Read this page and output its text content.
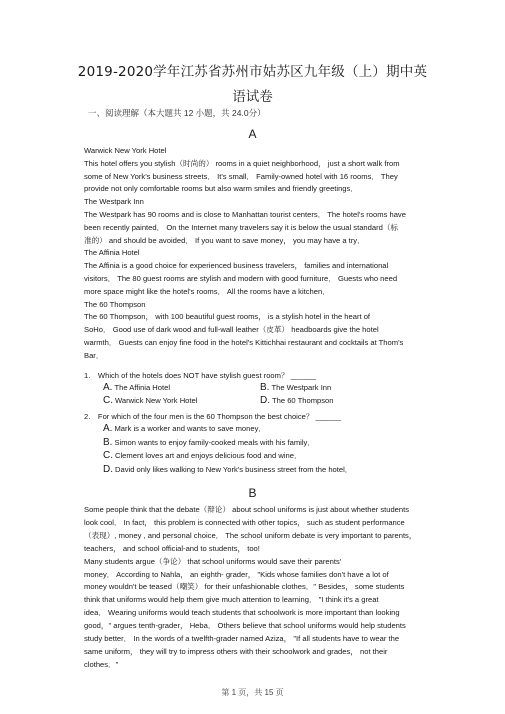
2019-2020学年江苏省苏州市姑苏区九年级（上）期中英
语试卷
一、阅读理解（本大题共 12 小题，共 24.0分）
A
Warwick New York Hotel
This hotel offers you stylish（时尚的） rooms in a quiet neighborhood， just a short walk from
some of New York's business streets． It's small． Family-owned hotel with 16 rooms． They
provide not only comfortable rooms but also warm smiles and friendly greetings．
The Westpark Inn
The Westpark has 90 rooms and is close to Manhattan tourist centers． The hotel's rooms have
been recently painted． On the Internet many travelers say it is below the usual standard（标
准的） and should be avoided． If you want to save money， you may have a try．
The Affinia Hotel
The Affinia is a good choice for experienced business travelers， families and international
visitors． The 80 guest rooms are stylish and modern with good furniture． Guests who need
more space might like the hotel's rooms． All the rooms have a kitchen．
The 60 Thompson
The 60 Thompson， with 100 beautiful guest rooms， is a stylish hotel in the heart of
SoHo． Good use of dark wood and full-wall leather（皮革） headboards give the hotel
warmth． Guests can enjoy fine food in the hotel's Kittichhai restaurant and cocktails at Thom's
Bar．
1.　Which of the hotels does NOT have stylish guest room？ ______
A. The Affinia Hotel	B. The Westpark Inn
C. Warwick New York Hotel	D. The 60 Thompson
2.　For which of the four men is the 60 Thompson the best choice？ ______
A. Mark is a worker and wants to save money．
B. Simon wants to enjoy family-cooked meals with his family．
C. Clement loves art and enjoys delicious food and wine．
D. David only likes walking to New York's business street from the hotel．
B
Some people think that the debate（辩论） about school uniforms is just about whether students
look cool． In fact， this problem is connected with other topics， such as student performance
（表现）, money , and personal choice． The school uniform debate is very important to parents，
teachers， and school official-and to students， too!
Many students argue（争论） that school uniforms would save their parents'
money． According to Nahla， an eighth- grader， "Kids whose families don't have a lot of
money wouldn't be teased（嘲笑） for their unfashionable clothes．" Besides， some students
think that uniforms would help them give much attention to learning． "I think it's a great
idea． Wearing uniforms would teach students that schoolwork is more important than looking
good，" argues tenth-grader， Heba． Others believe that school uniforms would help students
study better． In the words of a twelfth-grader named Aziza， "If all students have to wear the
same uniform， they will try to impress others with their schoolwork and grades， not their
clothes．"
第 1 页，共 15 页
